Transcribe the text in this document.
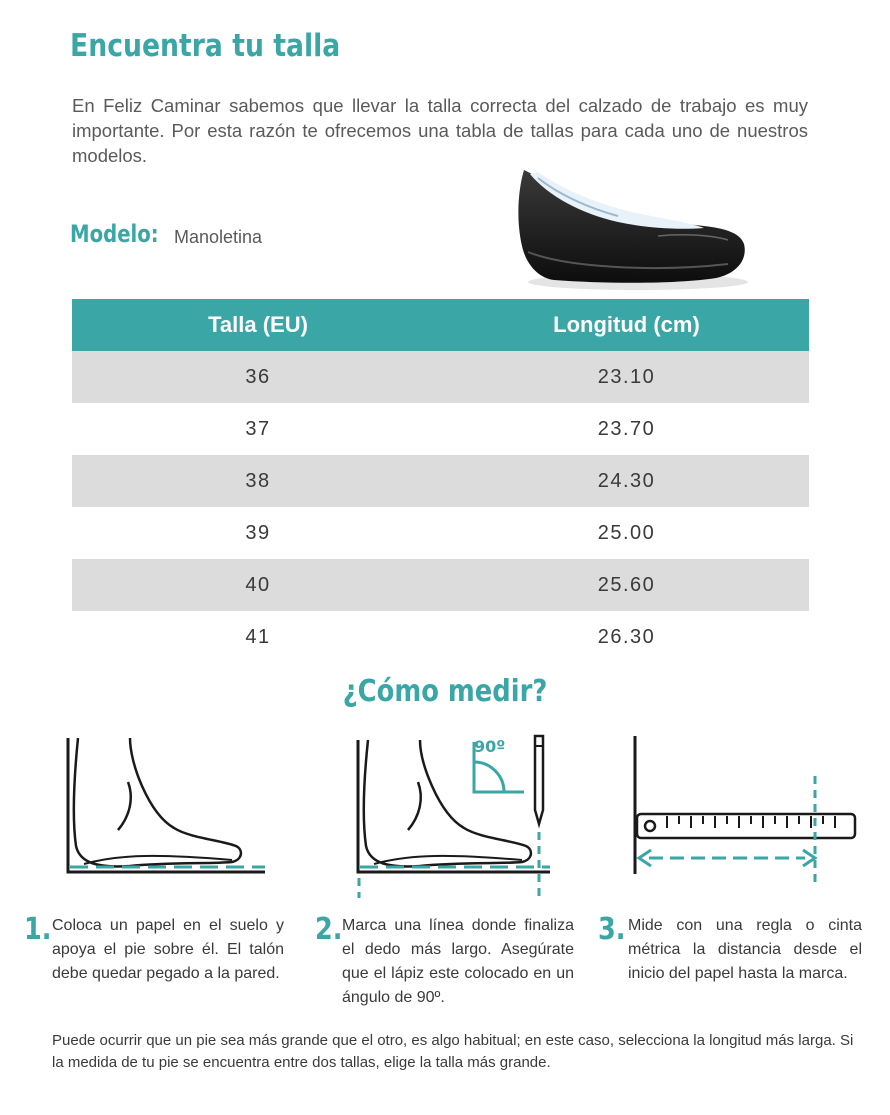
Encuentra tu talla
En Feliz Caminar sabemos que llevar la talla correcta del calzado de trabajo es muy importante. Por esta razón te ofrecemos una tabla de tallas para cada uno de nuestros modelos.
Modelo: Manoletina
Talla (EU)	Longitud (cm)
36	23.10
37	23.70
38	24.30
39	25.00
40	25.60
41	26.30
¿Cómo medir?
90º
1. Coloca un papel en el suelo y apoya el pie sobre él. El talón debe quedar pegado a la pared.
2. Marca una línea donde finaliza el dedo más largo. Asegúrate que el lápiz este colocado en un ángulo de 90º.
3. Mide con una regla o cinta métrica la distancia desde el inicio del papel hasta la marca.
Puede ocurrir que un pie sea más grande que el otro, es algo habitual; en este caso, selecciona la longitud más larga. Si la medida de tu pie se encuentra entre dos tallas, elige la talla más grande.
